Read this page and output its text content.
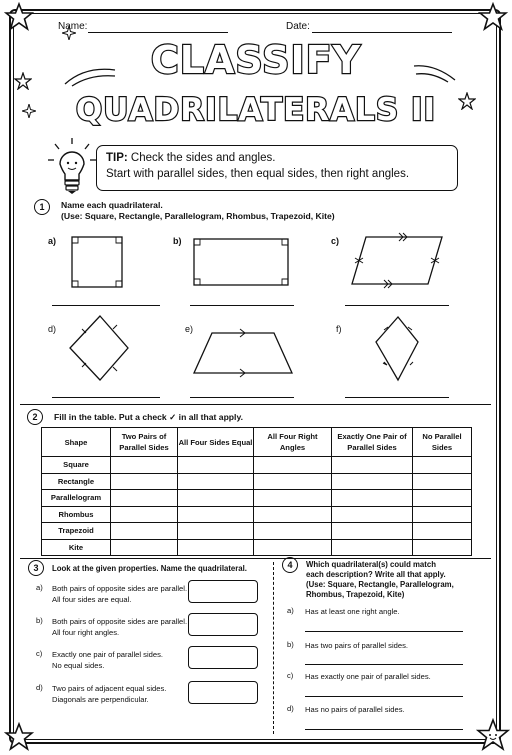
Name:	Date:
CLASSIFY
QUADRILATERALS II
TIP: Check the sides and angles.
Start with parallel sides, then equal sides, then right angles.
1	Name each quadrilateral.
(Use: Square, Rectangle, Parallelogram, Rhombus, Trapezoid, Kite)
a)	b)	c)
d)	e)	f)
2	Fill in the table. Put a check ✓ in all that apply.
Shape	Two Pairs of Parallel Sides	All Four Sides Equal	All Four Right Angles	Exactly One Pair of Parallel Sides	No Parallel Sides
Square					
Rectangle					
Parallelogram					
Rhombus					
Trapezoid					
Kite					
3	Look at the given properties. Name the quadrilateral.
a) Both pairs of opposite sides are parallel.
All four sides are equal.
b) Both pairs of opposite sides are parallel.
All four right angles.
c) Exactly one pair of parallel sides.
No equal sides.
d) Two pairs of adjacent equal sides.
Diagonals are perpendicular.
4	Which quadrilateral(s) could match
each description? Write all that apply.
(Use: Square, Rectangle, Parallelogram,
Rhombus, Trapezoid, Kite)
a) Has at least one right angle.
b) Has two pairs of parallel sides.
c) Has exactly one pair of parallel sides.
d) Has no pairs of parallel sides.
